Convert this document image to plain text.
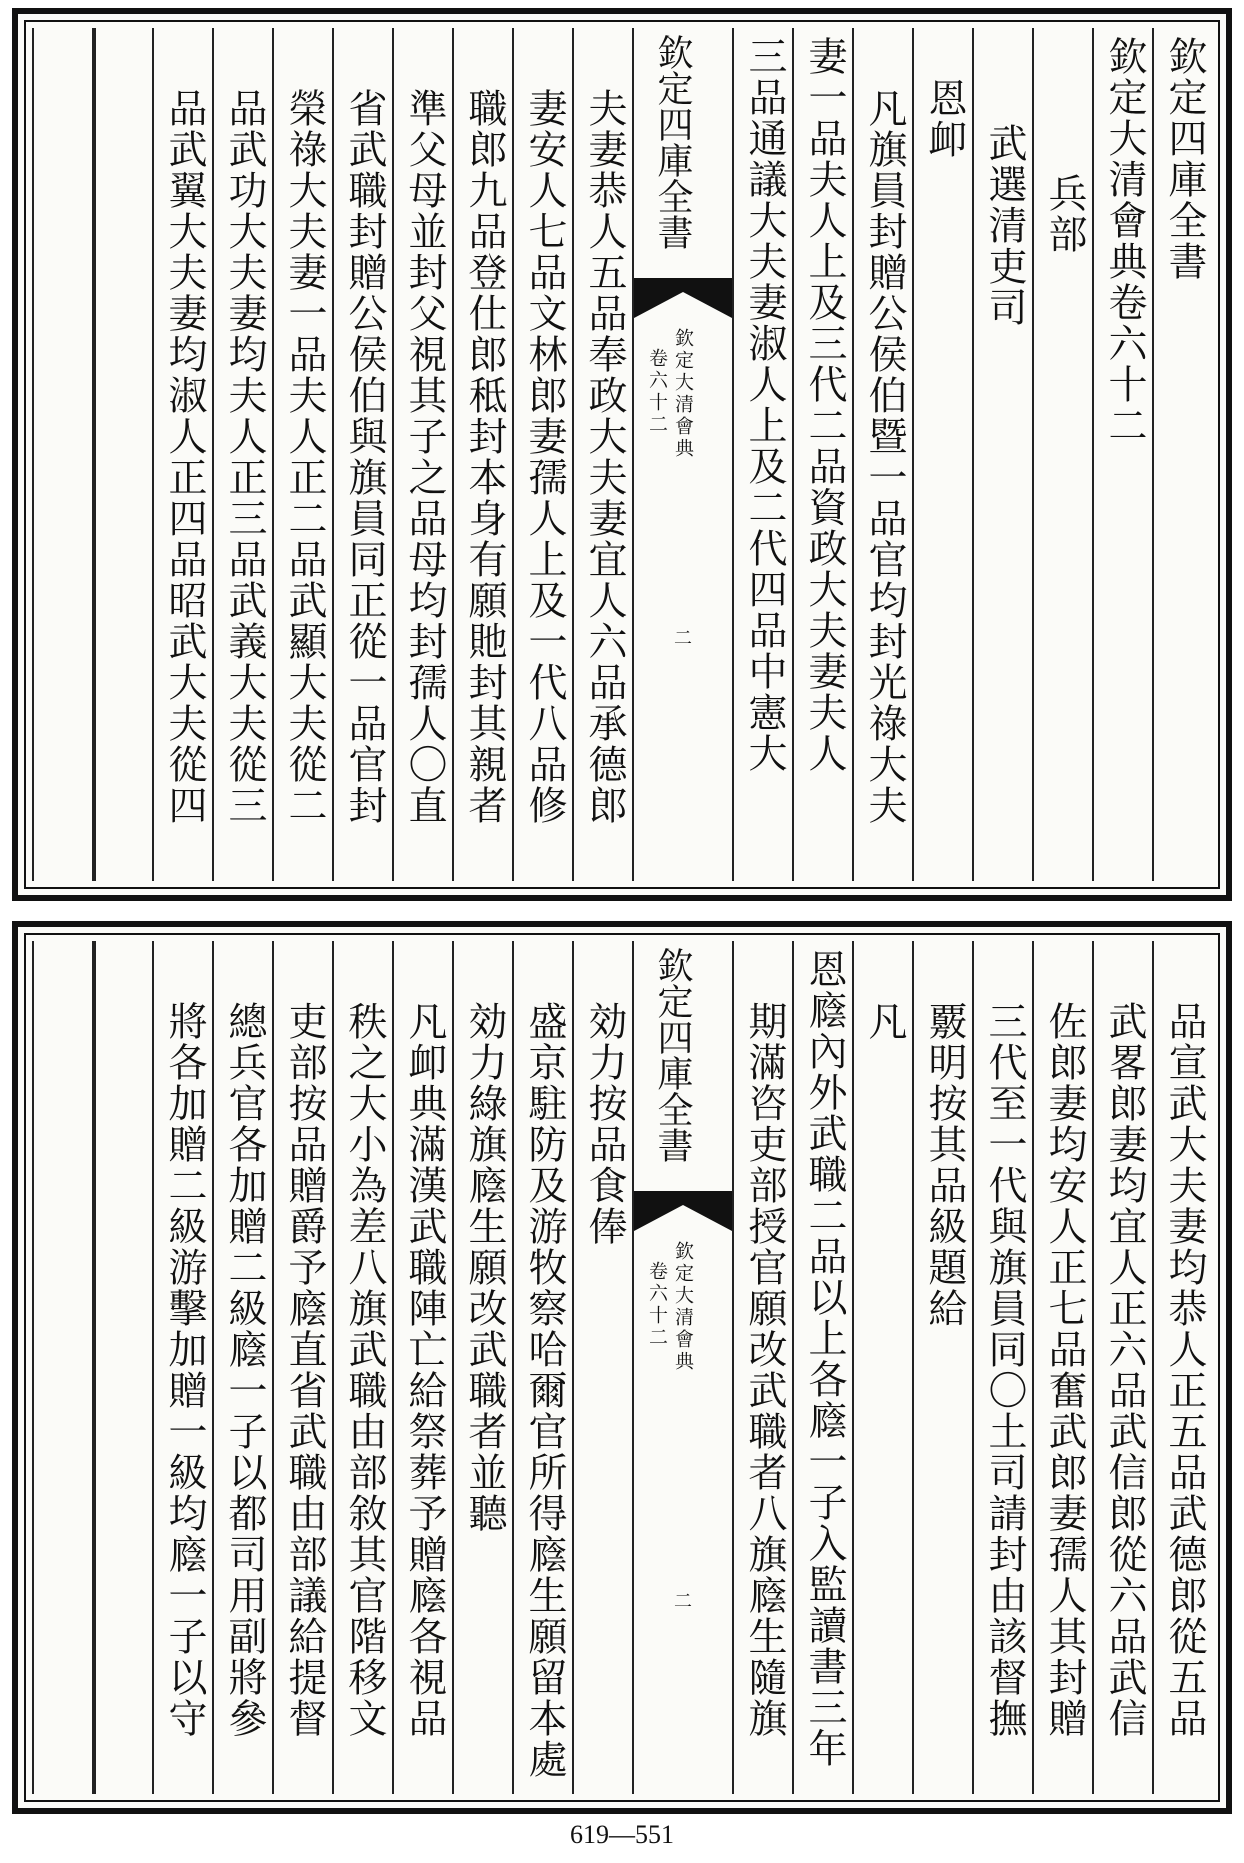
欽定四庫全書
欽定大清會典卷六十二
兵部
武選清吏司
恩卹
凡旗員封贈公侯伯暨一品官均封光祿大夫
妻一品夫人上及三代二品資政大夫妻夫人
三品通議大夫妻淑人上及二代四品中憲大
欽定四庫全書
欽定大清會典
卷六十二
二
夫妻恭人五品奉政大夫妻宜人六品承德郎
妻安人七品文林郎妻孺人上及一代八品修
職郎九品登仕郎秪封本身有願貤封其親者
準父母並封父視其子之品母均封孺人〇直
省武職封贈公侯伯與旗員同正從一品官封
榮祿大夫妻一品夫人正二品武顯大夫從二
品武功大夫妻均夫人正三品武義大夫從三
品武翼大夫妻均淑人正四品昭武大夫從四
品宣武大夫妻均恭人正五品武德郎從五品
武畧郎妻均宜人正六品武信郎從六品武信
佐郎妻均安人正七品奮武郎妻孺人其封贈
三代至一代與旗員同〇土司請封由該督撫
覈明按其品級題給
凡
恩廕內外武職二品以上各廕一子入監讀書三年
期滿咨吏部授官願改武職者八旗廕生隨旗
欽定四庫全書
欽定大清會典
卷六十二
二
効力按品食俸
盛京駐防及游牧察哈爾官所得廕生願留本處
効力綠旗廕生願改武職者並聽
凡卹典滿漢武職陣亡給祭葬予贈廕各視品
秩之大小為差八旗武職由部敘其官階移文
吏部按品贈爵予廕直省武職由部議給提督
總兵官各加贈二級廕一子以都司用副將參
將各加贈二級游擊加贈一級均廕一子以守
619—551
